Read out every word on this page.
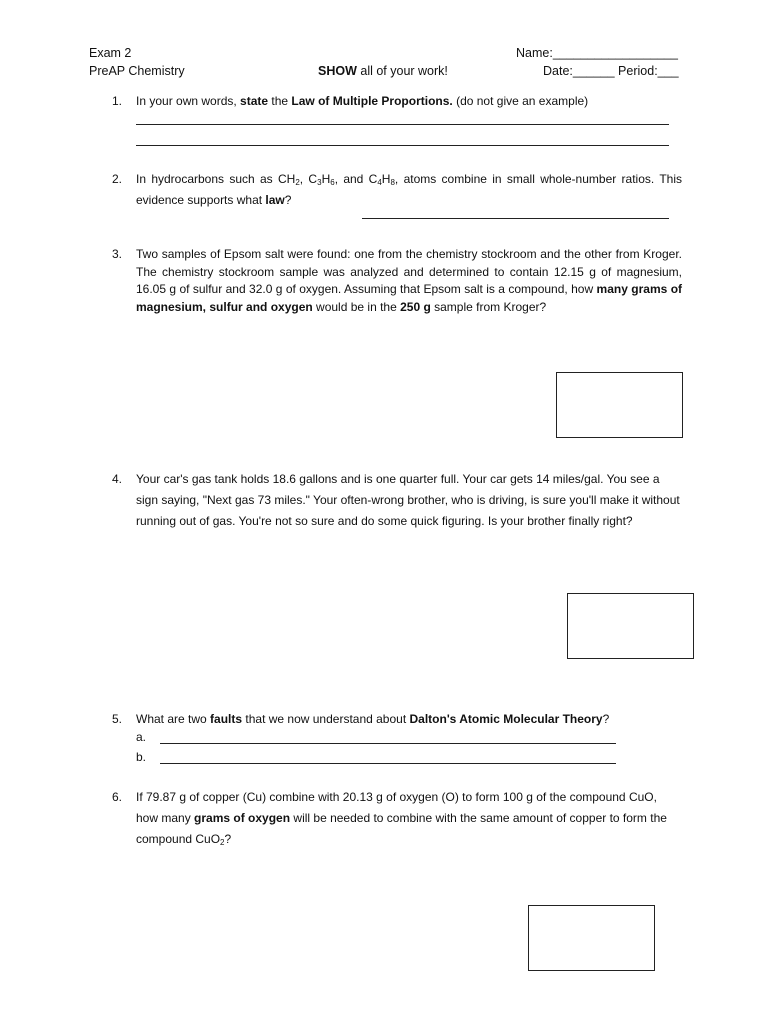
Exam 2
PreAP Chemistry	SHOW all of your work!
Name:__________________
Date:______ Period:___
1. In your own words, state the Law of Multiple Proportions. (do not give an example)
2. In hydrocarbons such as $CH_2$, $C_3H_6$, and $C_4H_8$, atoms combine in small whole-number ratios. This evidence supports what law?
3. Two samples of Epsom salt were found: one from the chemistry stockroom and the other from Kroger. The chemistry stockroom sample was analyzed and determined to contain 12.15 g of magnesium, 16.05 g of sulfur and 32.0 g of oxygen. Assuming that Epsom salt is a compound, how many grams of magnesium, sulfur and oxygen would be in the 250 g sample from Kroger?
4. Your car's gas tank holds 18.6 gallons and is one quarter full. Your car gets 14 miles/gal. You see a sign saying, "Next gas 73 miles." Your often-wrong brother, who is driving, is sure you'll make it without running out of gas. You're not so sure and do some quick figuring. Is your brother finally right?
5. What are two faults that we now understand about Dalton's Atomic Molecular Theory?
a.
b.
6. If 79.87 g of copper (Cu) combine with 20.13 g of oxygen (O) to form 100 g of the compound CuO, how many grams of oxygen will be needed to combine with the same amount of copper to form the compound CuO$_2$?
